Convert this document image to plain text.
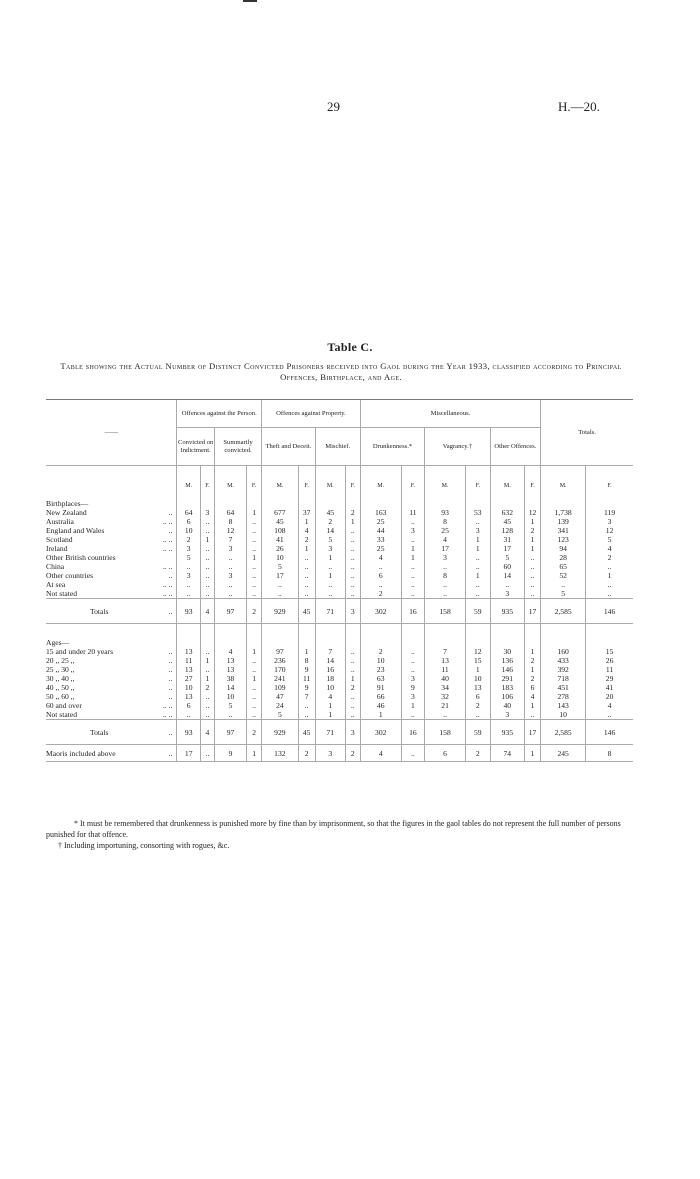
29	H.—20.
Table C.
Table showing the Actual Number of Distinct Convicted Prisoners received into Gaol during the Year 1933, classified according to Principal Offences, Birthplace, and Age.
——	Offences against the Person.				Offences against Property.				Miscellaneous.						Totals.	
	Convicted on Indictment.		Summarily convicted.		Theft and Deceit.		Mischief.		Drunkenness.*		Vagrancy.†		Other Offences.			
	M.	F.	M.	F.	M.	F.	M.	F.	M.	F.	M.	F.	M.	F.	M.	F.
Birthplaces—																
New Zealand ..	64	3	64	1	677	37	45	2	163	11	93	53	632	12	1,738	119
Australia .. ..	6	..	8	..	45	1	2	1	25	..	8	..	45	1	139	3
England and Wales ..	10	..	12	..	108	4	14	..	44	3	25	3	128	2	341	12
Scotland .. ..	2	1	7	..	41	2	5	..	33	..	4	1	31	1	123	5
Ireland .. ..	3	..	3	..	26	1	3	..	25	1	17	1	17	1	94	4
Other British countries	5	..	..	1	10	..	1	..	4	1	3	..	5	..	28	2
China .. ..	..	..	..	..	5	..	..	..	..	..	..	..	60	..	65	..
Other countries ..	3	..	3	..	17	..	1	..	6	..	8	1	14	..	52	1
At sea .. ..	..	..	..	..	..	..	..	..	..	..	..	..	..	..	..	..
Not stated .. ..	..	..	..	..	..	..	..	..	2	..	..	..	3	..	5	..
Totals ..	93	4	97	2	929	45	71	3	302	16	158	59	935	17	2,585	146

Ages—																
15 and under 20 years ..	13	..	4	1	97	1	7	..	2	..	7	12	30	1	160	15
20 ,, 25 ,, ..	11	1	13	..	236	8	14	..	10	..	13	15	136	2	433	26
25 ,, 30 ,, ..	13	..	13	..	170	9	16	..	23	..	11	1	146	1	392	11
30 ,, 40 ,, ..	27	1	38	1	241	11	18	1	63	3	40	10	291	2	718	29
40 ,, 50 ,, ..	10	2	14	..	109	9	10	2	91	9	34	13	183	6	451	41
50 ,, 60 ,, ..	13	..	10	..	47	7	4	..	66	3	32	6	106	4	278	20
60 and over .. ..	6	..	5	..	24	..	1	..	46	1	21	2	40	1	143	4
Not stated .. ..	..	..	..	..	5	..	1	..	1	..	..	..	3	..	10	..
Totals ..	93	4	97	2	929	45	71	3	302	16	158	59	935	17	2,585	146
Maoris included above ..	17	..	9	1	132	2	3	2	4	..	6	2	74	1	245	8

* It must be remembered that drunkenness is punished more by fine than by imprisonment, so that the figures in the gaol tables do not represent the full number of persons punished for that offence.

† Including importuning, consorting with rogues, &c.
